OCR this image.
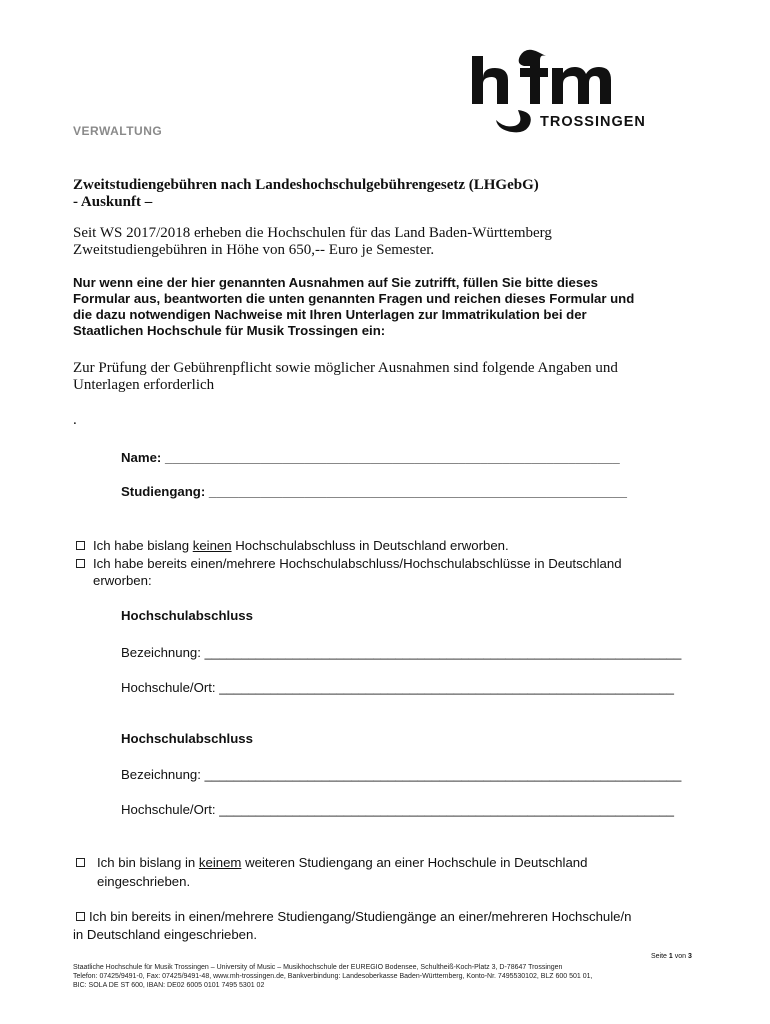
VERWALTUNG
TROSSINGEN
Zweitstudiengebühren nach Landeshochschulgebührengesetz (LHGebG)
- Auskunft –
Seit WS 2017/2018 erheben die Hochschulen für das Land Baden-Württemberg
Zweitstudiengebühren in Höhe von 650,-- Euro je Semester.
Nur wenn eine der hier genannten Ausnahmen auf Sie zutrifft, füllen Sie bitte dieses
Formular aus, beantworten die unten genannten Fragen und reichen dieses Formular und
die dazu notwendigen Nachweise mit Ihren Unterlagen zur Immatrikulation bei der
Staatlichen Hochschule für Musik Trossingen ein:
Zur Prüfung der Gebührenpflicht sowie möglicher Ausnahmen sind folgende Angaben und
Unterlagen erforderlich
.
Name: ______________________________________________________________
Studiengang: _________________________________________________________
Ich habe bislang keinen Hochschulabschluss in Deutschland erworben.
Ich habe bereits einen/mehrere Hochschulabschluss/Hochschulabschlüsse in Deutschland
erworben:
Hochschulabschluss
Bezeichnung: _________________________________________________________________
Hochschule/Ort: ______________________________________________________________
Hochschulabschluss
Bezeichnung: _________________________________________________________________
Hochschule/Ort: ______________________________________________________________
Ich bin bislang in keinem weiteren Studiengang an einer Hochschule in Deutschland
eingeschrieben.
Ich bin bereits in einen/mehrere Studiengang/Studiengänge an einer/mehreren Hochschule/n
in Deutschland eingeschrieben.
Seite 1 von 3
Staatliche Hochschule für Musik Trossingen – University of Music – Musikhochschule der EUREGIO Bodensee, Schultheiß-Koch-Platz 3, D-78647 Trossingen
Telefon: 07425/9491-0, Fax: 07425/9491-48, www.mh-trossingen.de, Bankverbindung: Landesoberkasse Baden-Württemberg, Konto-Nr. 7495530102, BLZ 600 501 01,
BIC: SOLA DE ST 600, IBAN: DE02 6005 0101 7495 5301 02
